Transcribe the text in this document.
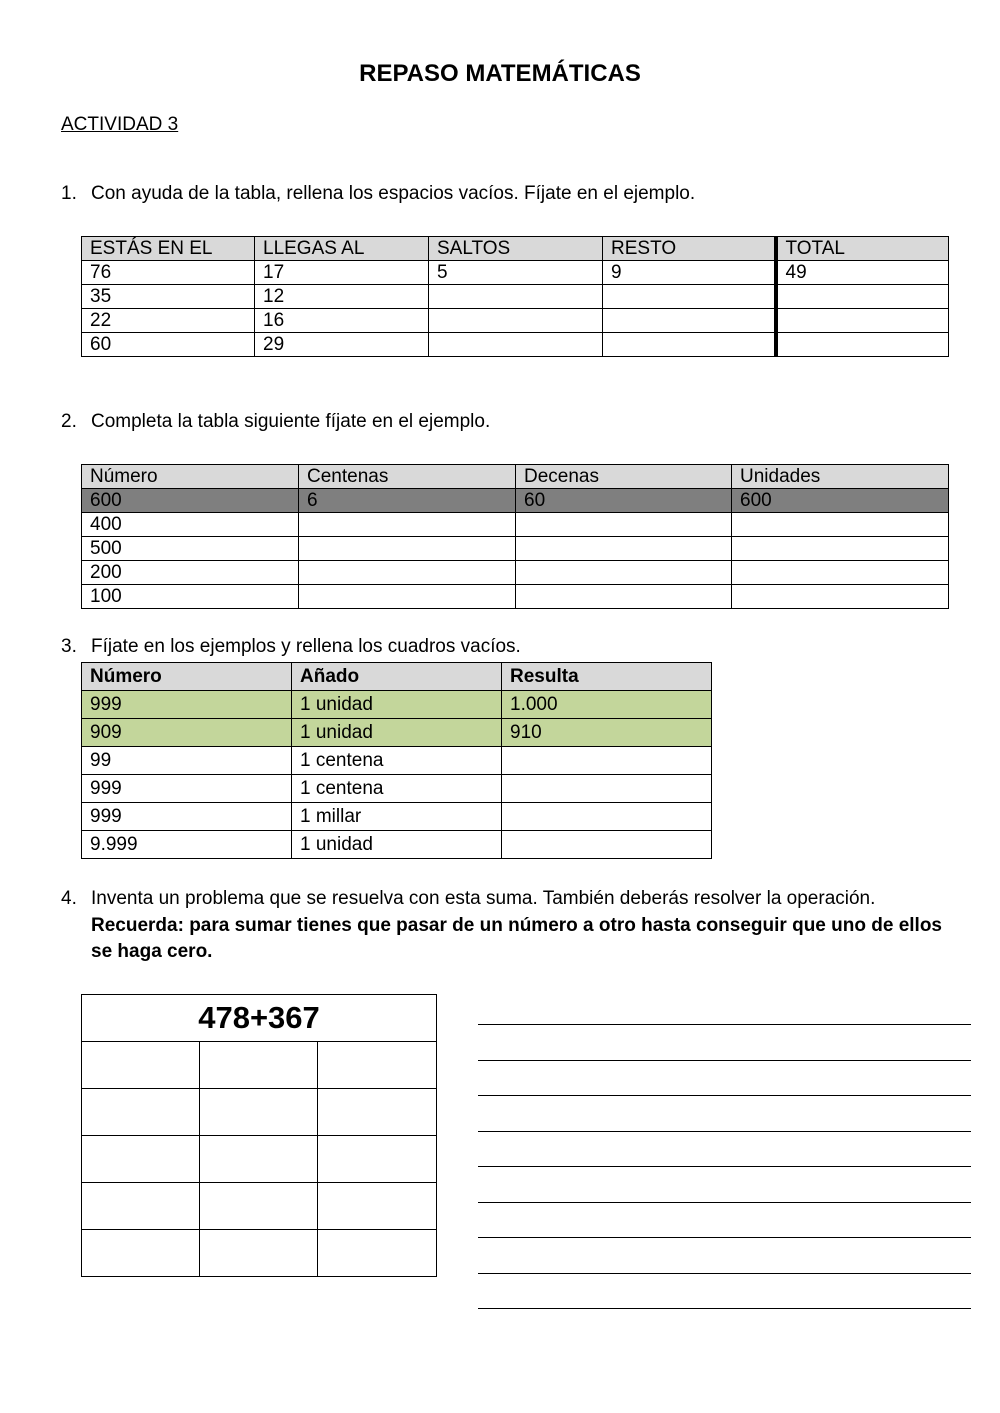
REPASO MATEMÁTICAS
ACTIVIDAD 3
1. Con ayuda de la tabla, rellena los espacios vacíos. Fíjate en el ejemplo.
ESTÁS EN EL	LLEGAS AL	SALTOS	RESTO	TOTAL
76	17	5	9	49
35	12			
22	16			
60	29			
2. Completa la tabla siguiente fíjate en el ejemplo.
Número	Centenas	Decenas	Unidades
600	6	60	600
400			
500			
200			
100			
3. Fíjate en los ejemplos y rellena los cuadros vacíos.
Número	Añado	Resulta
999	1 unidad	1.000
909	1 unidad	910
99	1 centena	
999	1 centena	
999	1 millar	
9.999	1 unidad	
4. Inventa un problema que se resuelva con esta suma. También deberás resolver la operación.
Recuerda: para sumar tienes que pasar de un número a otro hasta conseguir que uno de ellos se haga cero.
478+367		
